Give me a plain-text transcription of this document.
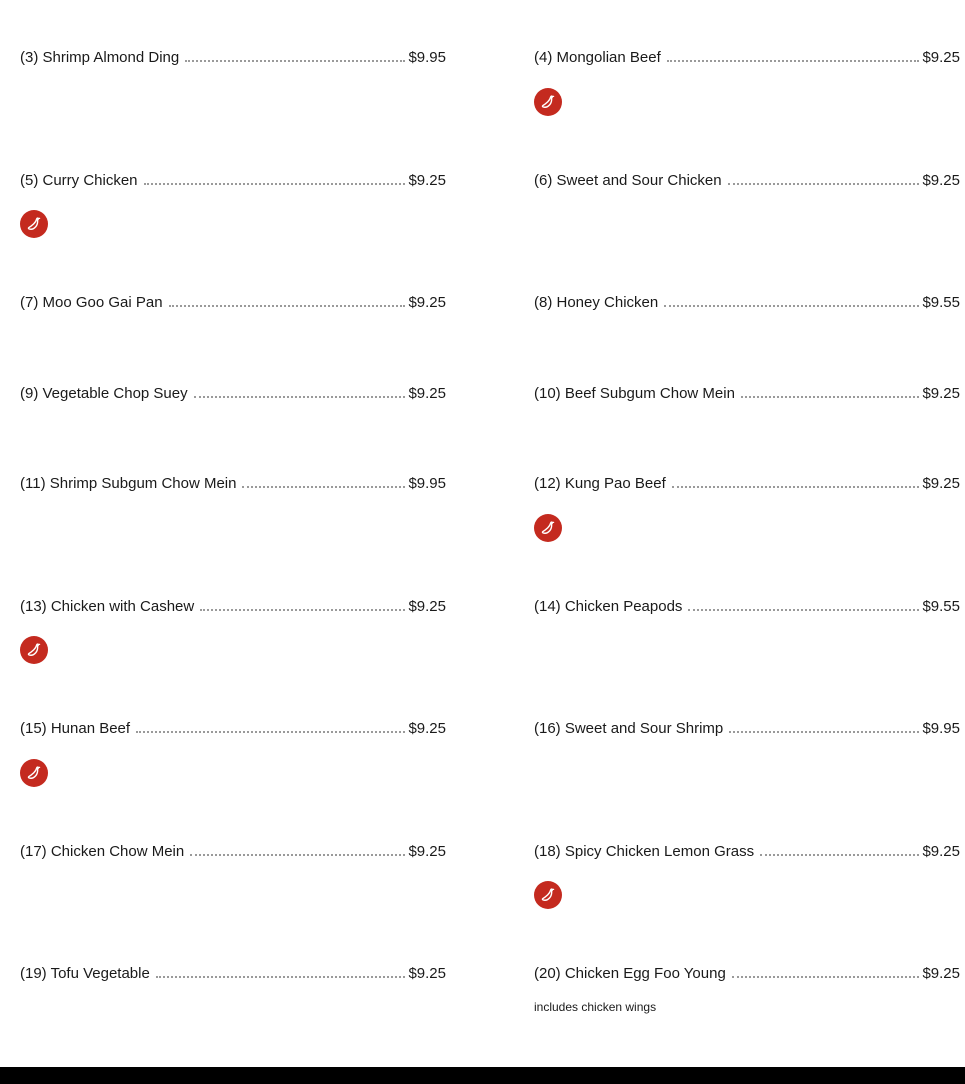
(3) Shrimp Almond Ding	$9.95	(4) Mongolian Beef	$9.25
(5) Curry Chicken	$9.25	(6) Sweet and Sour Chicken	$9.25
(7) Moo Goo Gai Pan	$9.25	(8) Honey Chicken	$9.55
(9) Vegetable Chop Suey	$9.25	(10) Beef Subgum Chow Mein	$9.25
(11) Shrimp Subgum Chow Mein	$9.95	(12) Kung Pao Beef	$9.25
(13) Chicken with Cashew	$9.25	(14) Chicken Peapods	$9.55
(15) Hunan Beef	$9.25	(16) Sweet and Sour Shrimp	$9.95
(17) Chicken Chow Mein	$9.25	(18) Spicy Chicken Lemon Grass	$9.25
(19) Tofu Vegetable	$9.25	(20) Chicken Egg Foo Young	$9.25
includes chicken wings
